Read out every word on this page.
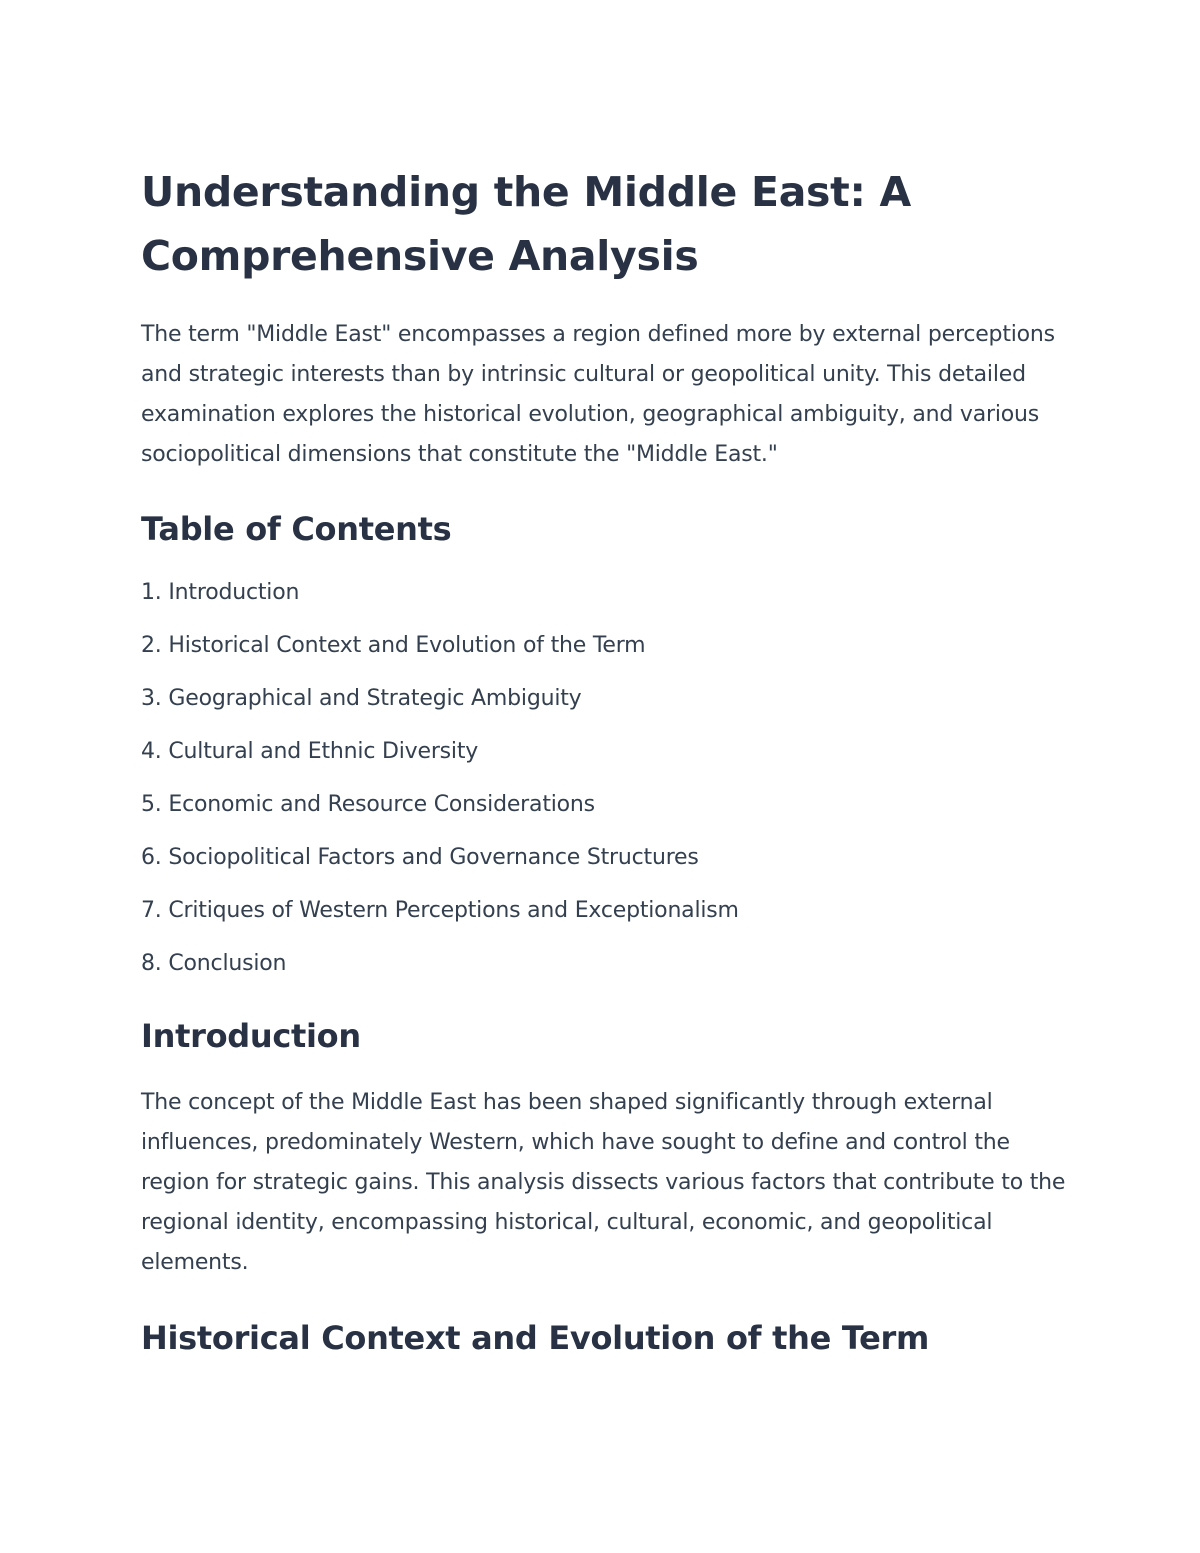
Understanding the Middle East: A Comprehensive Analysis

The term "Middle East" encompasses a region defined more by external perceptions and strategic interests than by intrinsic cultural or geopolitical unity. This detailed examination explores the historical evolution, geographical ambiguity, and various sociopolitical dimensions that constitute the "Middle East."

Table of Contents
1. Introduction
2. Historical Context and Evolution of the Term
3. Geographical and Strategic Ambiguity
4. Cultural and Ethnic Diversity
5. Economic and Resource Considerations
6. Sociopolitical Factors and Governance Structures
7. Critiques of Western Perceptions and Exceptionalism
8. Conclusion
Introduction

The concept of the Middle East has been shaped significantly through external influences, predominately Western, which have sought to define and control the region for strategic gains. This analysis dissects various factors that contribute to the regional identity, encompassing historical, cultural, economic, and geopolitical elements.

Historical Context and Evolution of the Term
